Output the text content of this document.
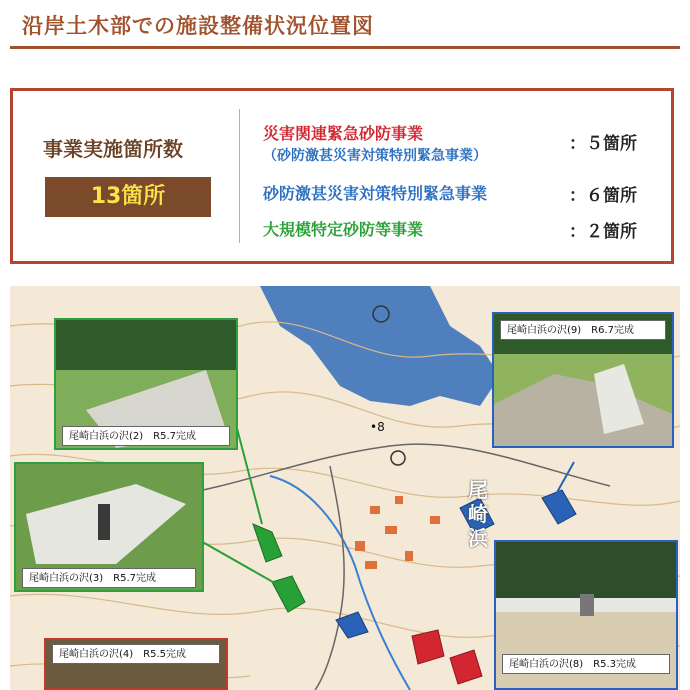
沿岸土木部での施設整備状況位置図
事業実施箇所数
13箇所
災害関連緊急砂防事業
（砂防激甚災害対策特別緊急事業）
：５箇所
砂防激甚災害対策特別緊急事業	：６箇所
大規模特定砂防等事業	：２箇所
尾
崎
浜
•8
尾崎白浜の沢(2)　R5.7完成
尾崎白浜の沢(3)　R5.7完成
尾崎白浜の沢(4)　R5.5完成
尾崎白浜の沢(9)　R6.7完成
尾崎白浜の沢(8)　R5.3完成
